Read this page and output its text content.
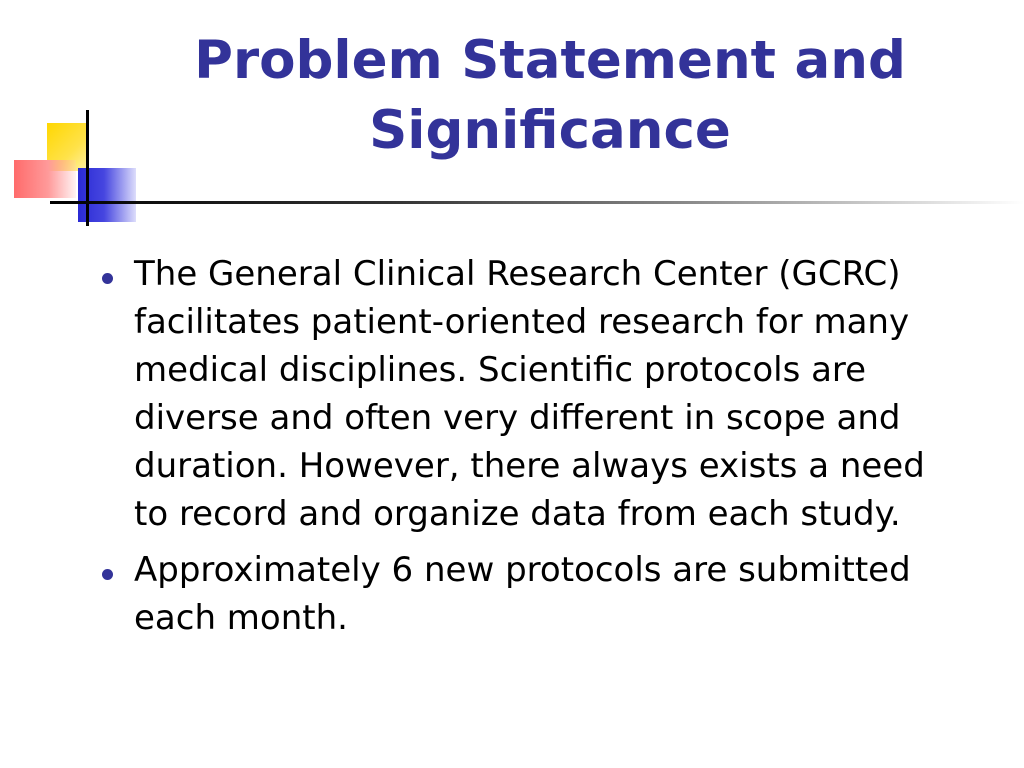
Problem Statement and
Significance
The General Clinical Research Center (GCRC) facilitates patient-oriented research for many medical disciplines. Scientific protocols are diverse and often very different in scope and duration. However, there always exists a need to record and organize data from each study.
Approximately 6 new protocols are submitted each month.
